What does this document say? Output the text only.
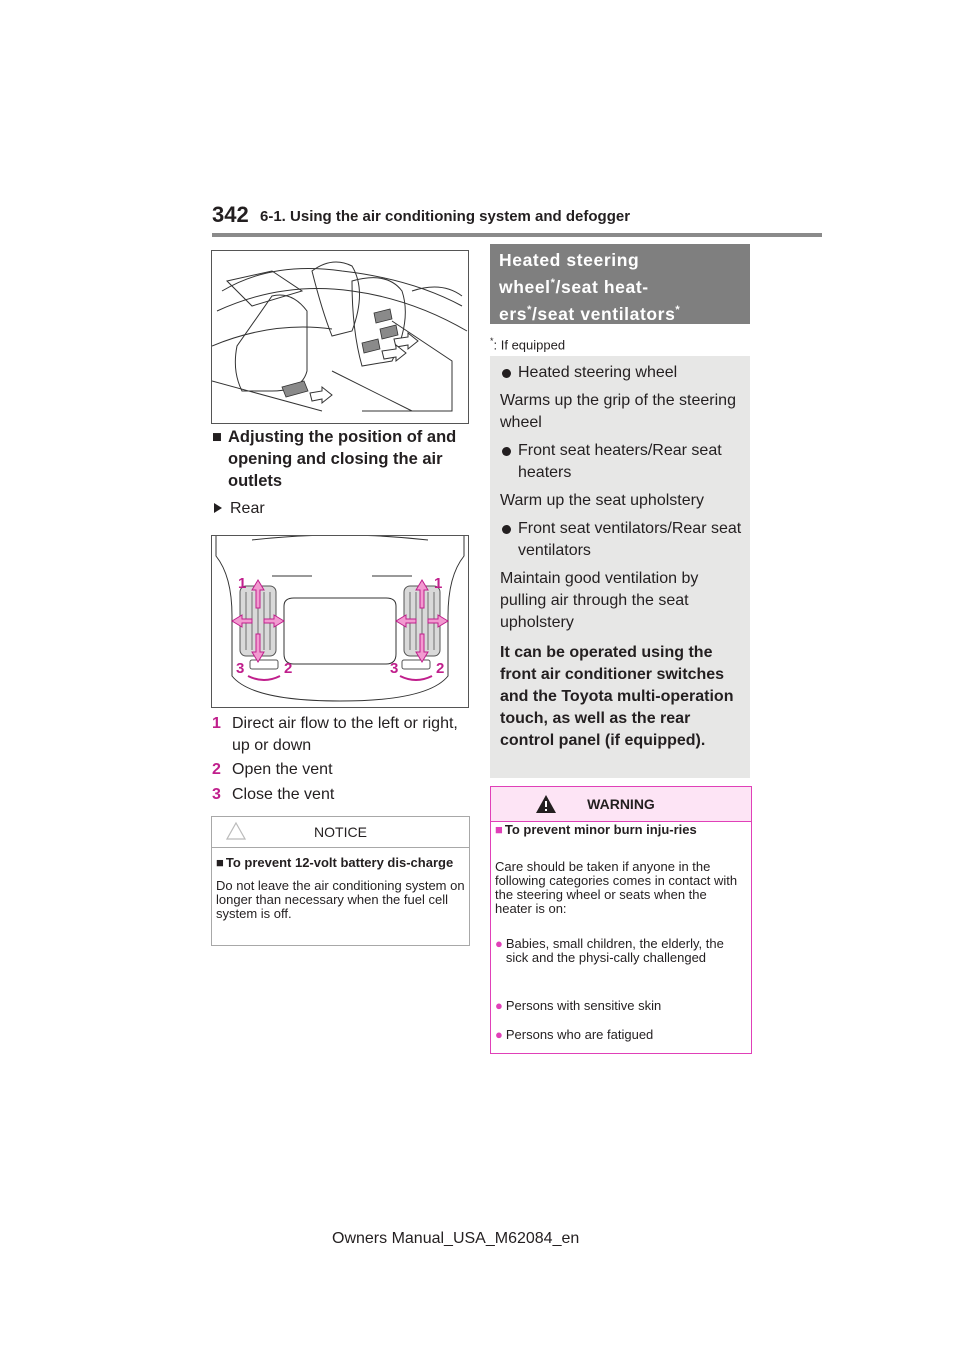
342 6-1. Using the air conditioning system and defogger
■ Adjusting the position of and opening and closing the air outlets
Rear
1	1
3	2	3	2
1 Direct air flow to the left or right, up or down
2 Open the vent
3 Close the vent
NOTICE
■ To prevent 12-volt battery dis-charge
Do not leave the air conditioning system on longer than necessary when the fuel cell system is off.
Heated steering
wheel*/seat heat-
ers*/seat ventilators*
*: If equipped
Heated steering wheel
Warms up the grip of the steering wheel
Front seat heaters/Rear seat heaters
Warm up the seat upholstery
Front seat ventilators/Rear seat ventilators
Maintain good ventilation by pulling air through the seat upholstery
It can be operated using the front air conditioner switches and the Toyota multi-operation touch, as well as the rear control panel (if equipped).
WARNING
■ To prevent minor burn inju-ries
Care should be taken if anyone in the following categories comes in contact with the steering wheel or seats when the heater is on:
● Babies, small children, the elderly, the sick and the physi-cally challenged
● Persons with sensitive skin
● Persons who are fatigued
Owners Manual_USA_M62084_en
